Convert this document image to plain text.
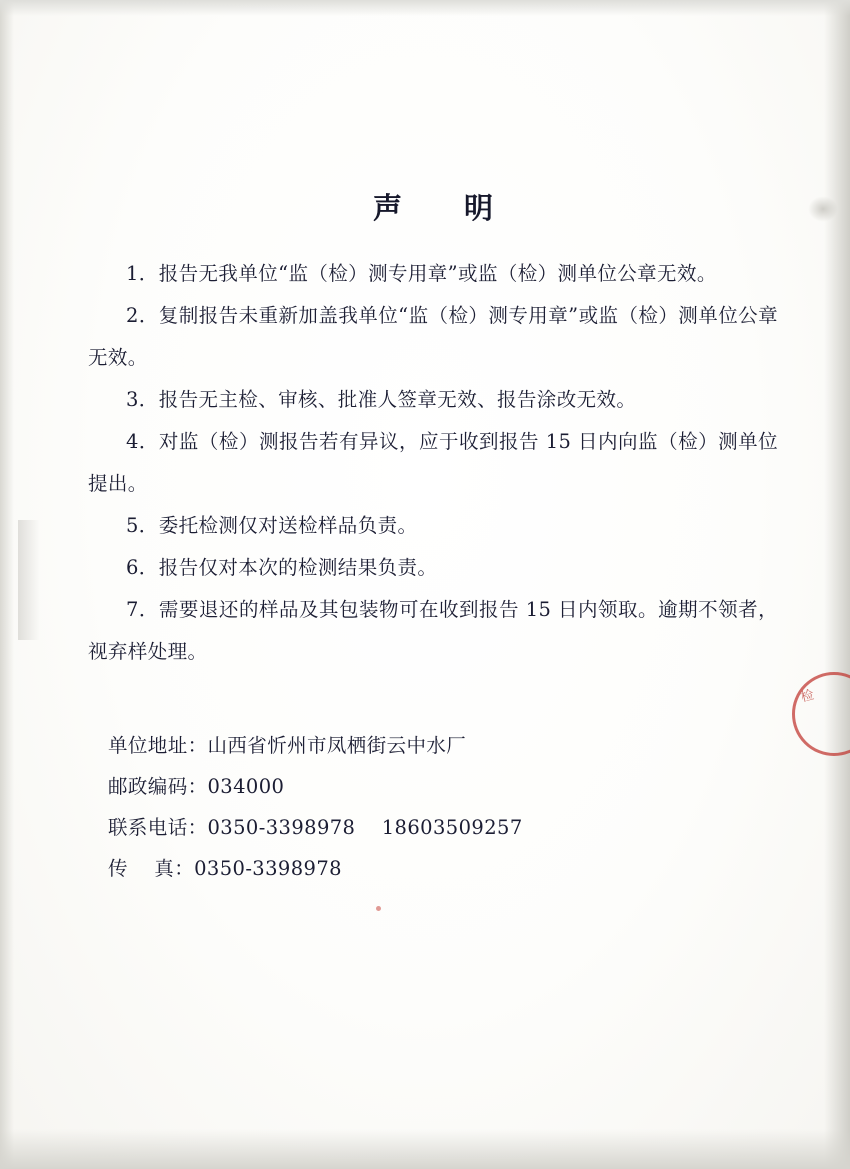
声 明

1．报告无我单位“监（检）测专用章”或监（检）测单位公章无效。

2．复制报告未重新加盖我单位“监（检）测专用章”或监（检）测单位公章无效。

3．报告无主检、审核、批准人签章无效、报告涂改无效。

4．对监（检）测报告若有异议，应于收到报告 15 日内向监（检）测单位提出。

5．委托检测仅对送检样品负责。

6．报告仅对本次的检测结果负责。

7．需要退还的样品及其包装物可在收到报告 15 日内领取。逾期不领者，视弃样处理。

单位地址：山西省忻州市凤栖街云中水厂
邮政编码：034000
联系电话：0350-3398978    18603509257
传    真：0350-3398978
检
